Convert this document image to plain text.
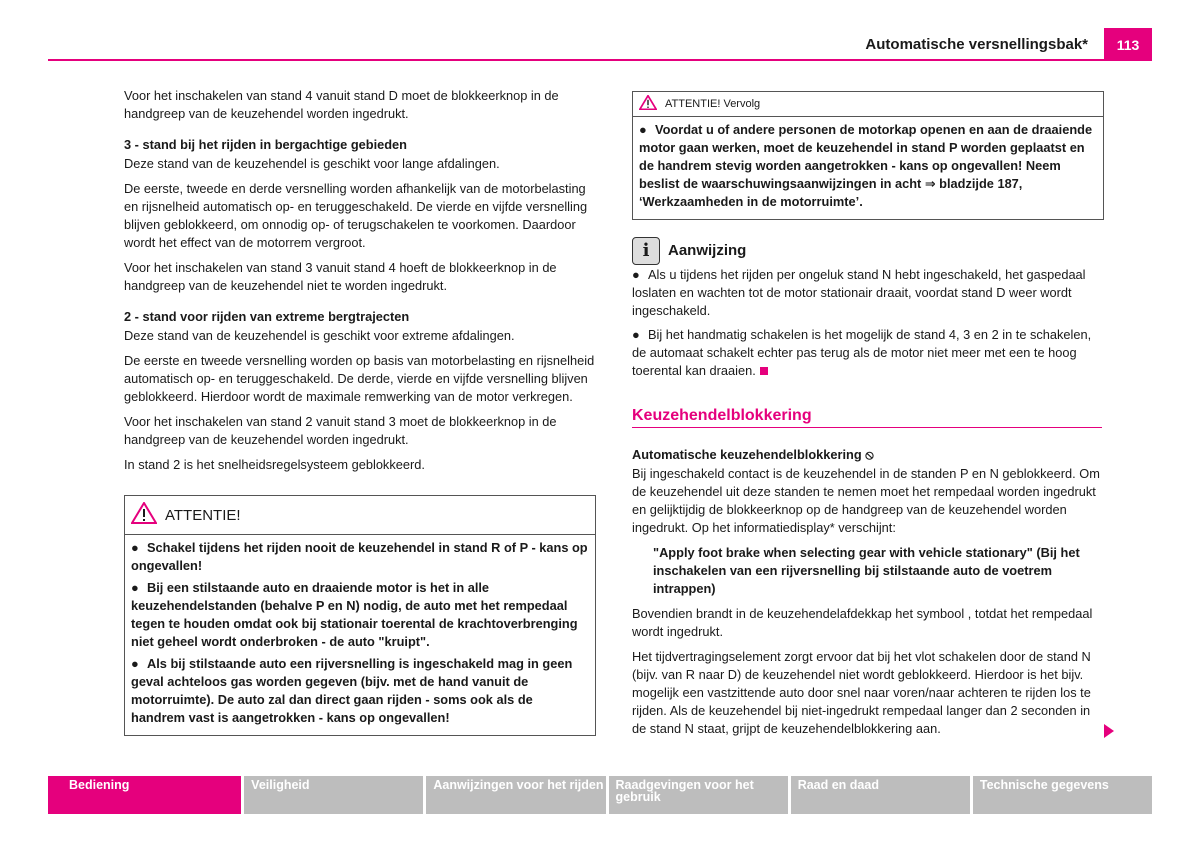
Automatische versnellingsbak*	113

Voor het inschakelen van stand 4 vanuit stand D moet de blokkeerknop in de handgreep van de keuzehendel worden ingedrukt.

3 - stand bij het rijden in bergachtige gebieden

Deze stand van de keuzehendel is geschikt voor lange afdalingen.

De eerste, tweede en derde versnelling worden afhankelijk van de motorbelasting en rijsnelheid automatisch op- en teruggeschakeld. De vierde en vijfde versnelling blijven geblokkeerd, om onnodig op- of terugschakelen te voorkomen. Daardoor wordt het effect van de motorrem vergroot.

Voor het inschakelen van stand 3 vanuit stand 4 hoeft de blokkeerknop in de handgreep van de keuzehendel niet te worden ingedrukt.

2 - stand voor rijden van extreme bergtrajecten

Deze stand van de keuzehendel is geschikt voor extreme afdalingen.

De eerste en tweede versnelling worden op basis van motorbelasting en rijsnelheid automatisch op- en teruggeschakeld. De derde, vierde en vijfde versnelling blijven geblokkeerd. Hierdoor wordt de maximale remwerking van de motor verkregen.

Voor het inschakelen van stand 2 vanuit stand 3 moet de blokkeerknop in de handgreep van de keuzehendel worden ingedrukt.

In stand 2 is het snelheidsregelsysteem geblokkeerd.

ATTENTIE!

● Schakel tijdens het rijden nooit de keuzehendel in stand R of P - kans op ongevallen!

● Bij een stilstaande auto en draaiende motor is het in alle keuzehendelstanden (behalve P en N) nodig, de auto met het rempedaal tegen te houden omdat ook bij stationair toerental de krachtoverbrenging niet geheel wordt onderbroken - de auto "kruipt".

● Als bij stilstaande auto een rijversnelling is ingeschakeld mag in geen geval achteloos gas worden gegeven (bijv. met de hand vanuit de motorruimte). De auto zal dan direct gaan rijden - soms ook als de handrem vast is aangetrokken - kans op ongevallen!

ATTENTIE! Vervolg

● Voordat u of andere personen de motorkap openen en aan de draaiende motor gaan werken, moet de keuzehendel in stand P worden geplaatst en de handrem stevig worden aangetrokken - kans op ongevallen! Neem beslist de waarschuwingsaanwijzingen in acht ⇒ bladzijde 187, ‘Werkzaamheden in de motorruimte’.

i	Aanwijzing

● Als u tijdens het rijden per ongeluk stand N hebt ingeschakeld, het gaspedaal loslaten en wachten tot de motor stationair draait, voordat stand D weer wordt ingeschakeld.

● Bij het handmatig schakelen is het mogelijk de stand 4, 3 en 2 in te schakelen, de automaat schakelt echter pas terug als de motor niet meer met een te hoog toerental kan draaien.

Keuzehendelblokkering

Automatische keuzehendelblokkering ⦸

Bij ingeschakeld contact is de keuzehendel in de standen P en N geblokkeerd. Om de keuzehendel uit deze standen te nemen moet het rempedaal worden ingedrukt en gelijktijdig de blokkeerknop op de handgreep van de keuzehendel worden ingedrukt. Op het informatiedisplay* verschijnt:

"Apply foot brake when selecting gear with vehicle stationary" (Bij het inschakelen van een rijversnelling bij stilstaande auto de voetrem intrappen)

Bovendien brandt in de keuzehendelafdekkap het symbool , totdat het rempedaal wordt ingedrukt.

Het tijdvertragingselement zorgt ervoor dat bij het vlot schakelen door de stand N (bijv. van R naar D) de keuzehendel niet wordt geblokkeerd. Hierdoor is het bijv. mogelijk een vastzittende auto door snel naar voren/naar achteren te rijden los te rijden. Als de keuzehendel bij niet-ingedrukt rempedaal langer dan 2 seconden in de stand N staat, grijpt de keuzehendelblokkering aan.

Bediening	Veiligheid	Aanwijzingen voor het rijden Raadgevingen voor het gebruik
Raad en daad	Technische gegevens
